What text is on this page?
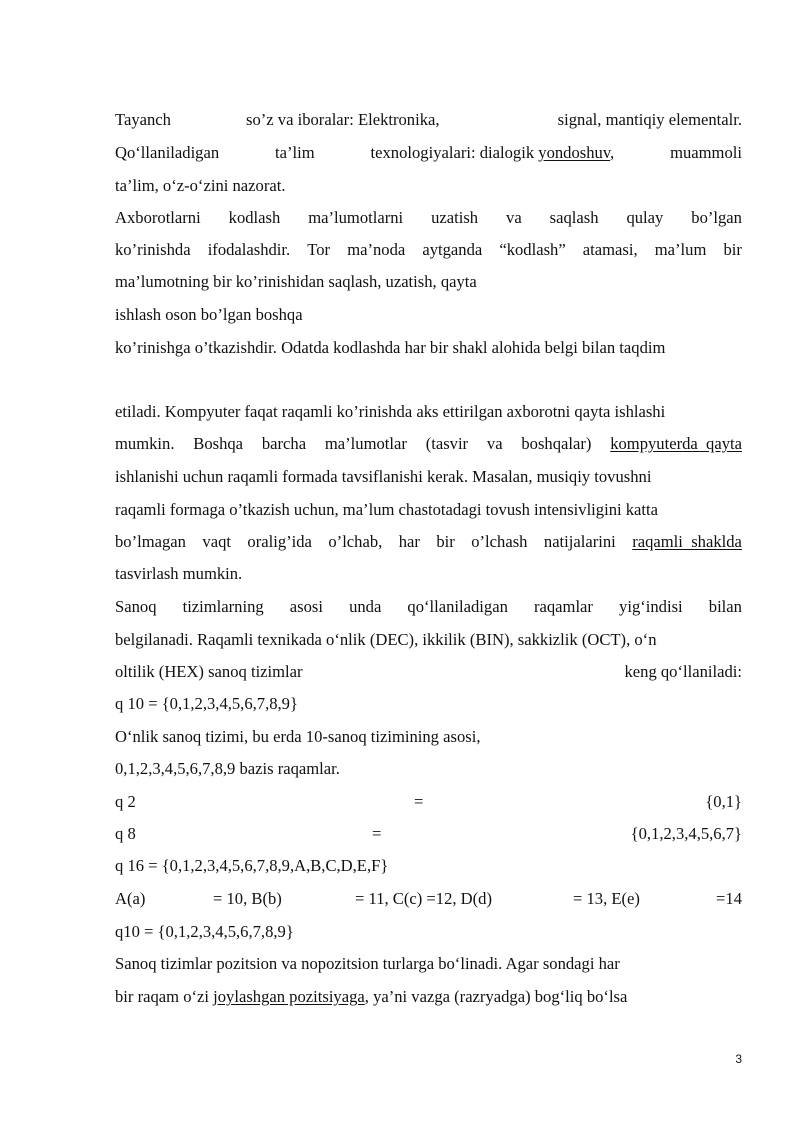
Tayanch	so’z va iboralar: Elektronika,	signal, mantiqiy elementalr.
Qo‘llaniladigan	ta’lim	texnologiyalari: dialogik yondoshuv,	muammoli
ta’lim, o‘z-o‘zini nazorat.
Axborotlarni kodlash ma’lumotlarni uzatish va saqlash qulay bo’lgan
ko’rinishda ifodalashdir. Tor ma’noda aytganda “kodlash” atamasi, ma’lum bir
ma’lumotning bir ko’rinishidan saqlash, uzatish, qayta
ishlash oson bo’lgan boshqa
ko’rinishga o’tkazishdir. Odatda kodlashda har bir shakl alohida belgi bilan taqdim
etiladi. Kompyuter faqat raqamli ko’rinishda aks ettirilgan axborotni qayta ishlashi
mumkin. Boshqa barcha ma’lumotlar (tasvir va boshqalar) kompyuterda  qayta
ishlanishi uchun raqamli formada tavsiflanishi kerak. Masalan, musiqiy tovushni
raqamli formaga o’tkazish uchun, ma’lum chastotadagi tovush intensivligini katta
bo’lmagan vaqt oralig’ida o’lchab, har bir o’lchash natijalarini raqamli  shaklda
tasvirlash mumkin.
Sanoq tizimlarning asosi unda qo‘llaniladigan raqamlar yig‘indisi bilan
belgilanadi. Raqamli texnikada o‘nlik (DEC), ikkilik (BIN), sakkizlik (OCT), o‘n
oltilik (HEX) sanoq tizimlar	keng qo‘llaniladi:
q 10 = {0,1,2,3,4,5,6,7,8,9}
O‘nlik sanoq tizimi, bu erda 10-sanoq tizimining asosi,
0,1,2,3,4,5,6,7,8,9 bazis raqamlar.
q 2	=	{0,1}
q 8	=	{0,1,2,3,4,5,6,7}
q 16 = {0,1,2,3,4,5,6,7,8,9,A,B,C,D,E,F}
A(a)	= 10, B(b)	= 11, C(c) =12, D(d)	= 13, E(e)	=14
q10 = {0,1,2,3,4,5,6,7,8,9}
Sanoq tizimlar pozitsion va nopozitsion turlarga bo‘linadi. Agar sondagi har
bir raqam o‘zi joylashgan pozitsiyaga, ya’ni vazga (razryadga) bog‘liq bo‘lsa
3
